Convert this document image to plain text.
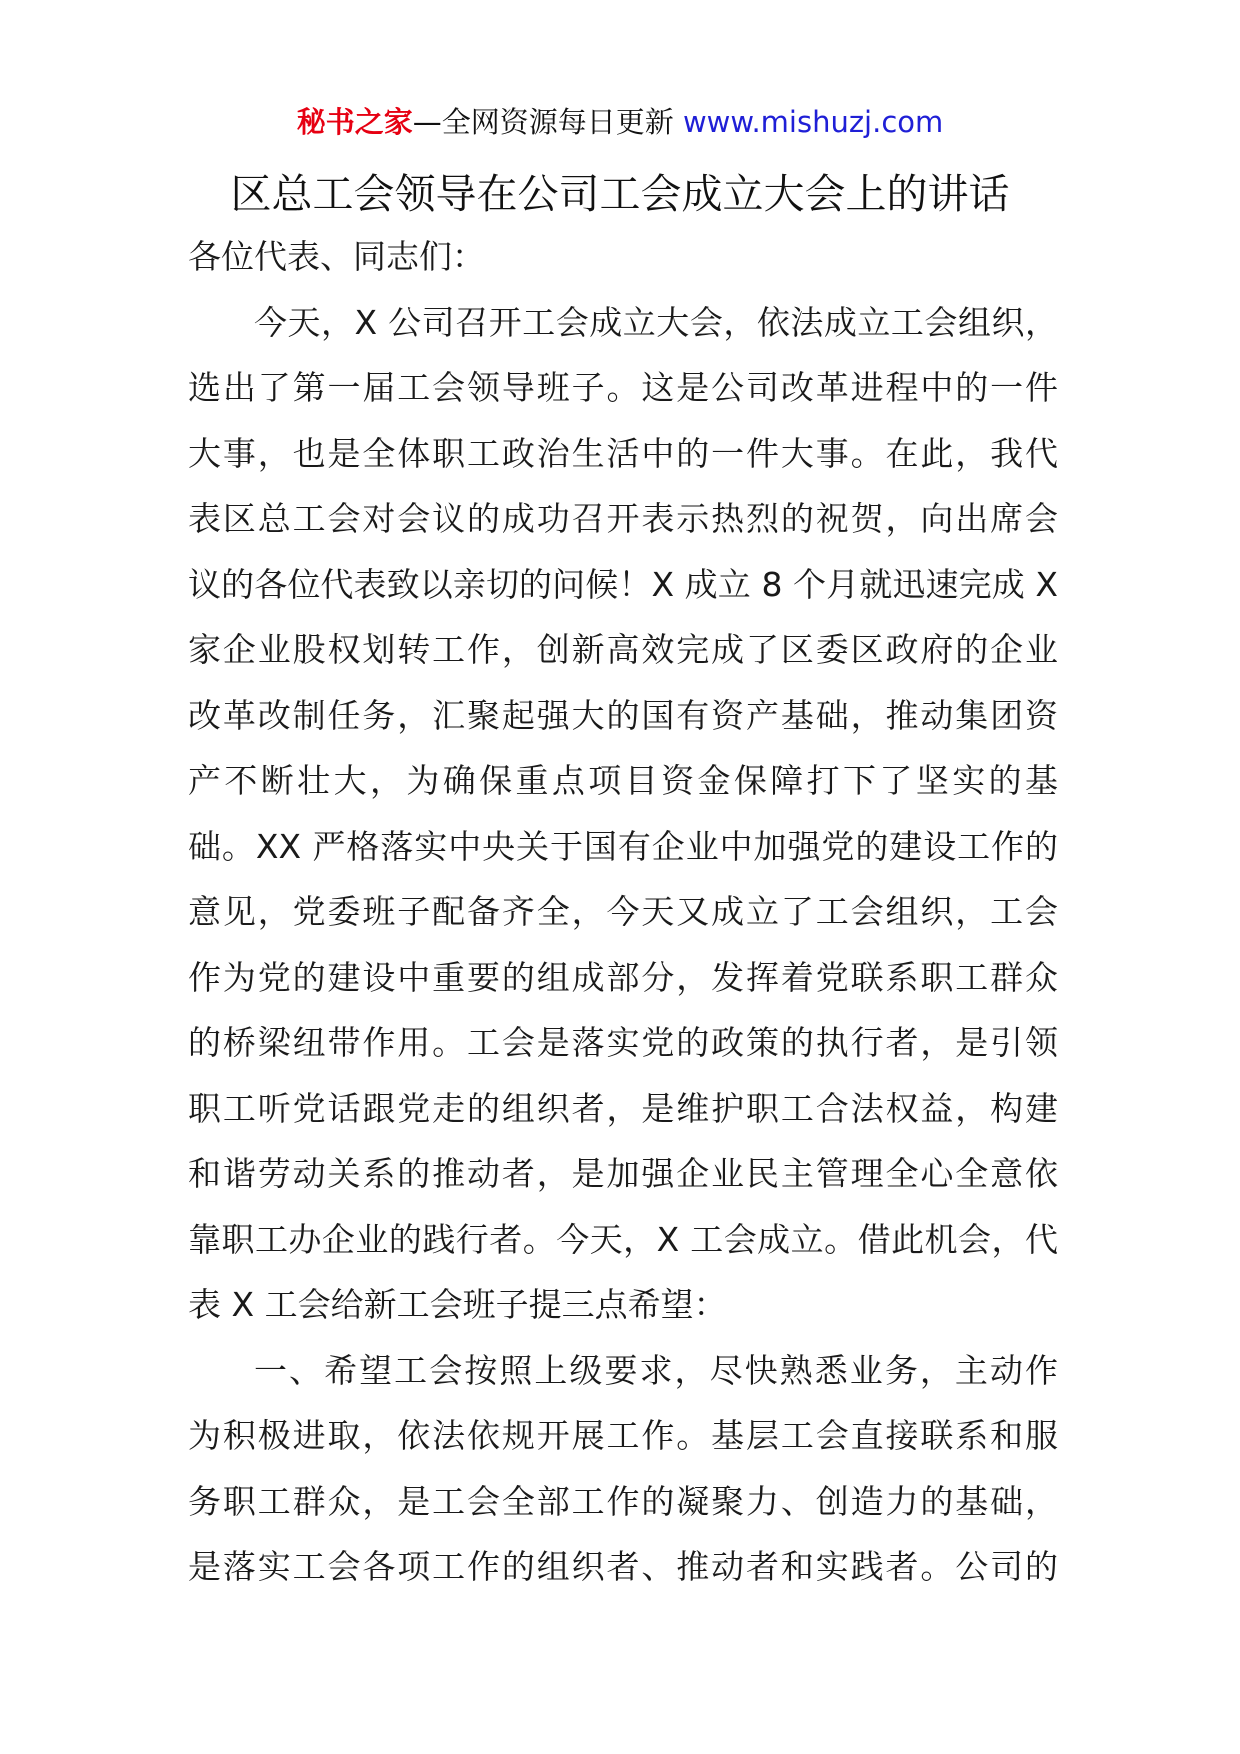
秘书之家—全网资源每日更新 www.mishuzj.com
区总工会领导在公司工会成立大会上的讲话
各位代表、同志们：
今天，X 公司召开工会成立大会，依法成立工会组织，
选出了第一届工会领导班子。这是公司改革进程中的一件
大事，也是全体职工政治生活中的一件大事。在此，我代
表区总工会对会议的成功召开表示热烈的祝贺，向出席会
议的各位代表致以亲切的问候！X 成立 8 个月就迅速完成 X
家企业股权划转工作，创新高效完成了区委区政府的企业
改革改制任务，汇聚起强大的国有资产基础，推动集团资
产不断壮大，为确保重点项目资金保障打下了坚实的基
础。XX 严格落实中央关于国有企业中加强党的建设工作的
意见，党委班子配备齐全，今天又成立了工会组织，工会
作为党的建设中重要的组成部分，发挥着党联系职工群众
的桥梁纽带作用。工会是落实党的政策的执行者，是引领
职工听党话跟党走的组织者，是维护职工合法权益，构建
和谐劳动关系的推动者，是加强企业民主管理全心全意依
靠职工办企业的践行者。今天，X 工会成立。借此机会，代
表 X 工会给新工会班子提三点希望：
一、希望工会按照上级要求，尽快熟悉业务，主动作
为积极进取，依法依规开展工作。基层工会直接联系和服
务职工群众，是工会全部工作的凝聚力、创造力的基础，
是落实工会各项工作的组织者、推动者和实践者。公司的
